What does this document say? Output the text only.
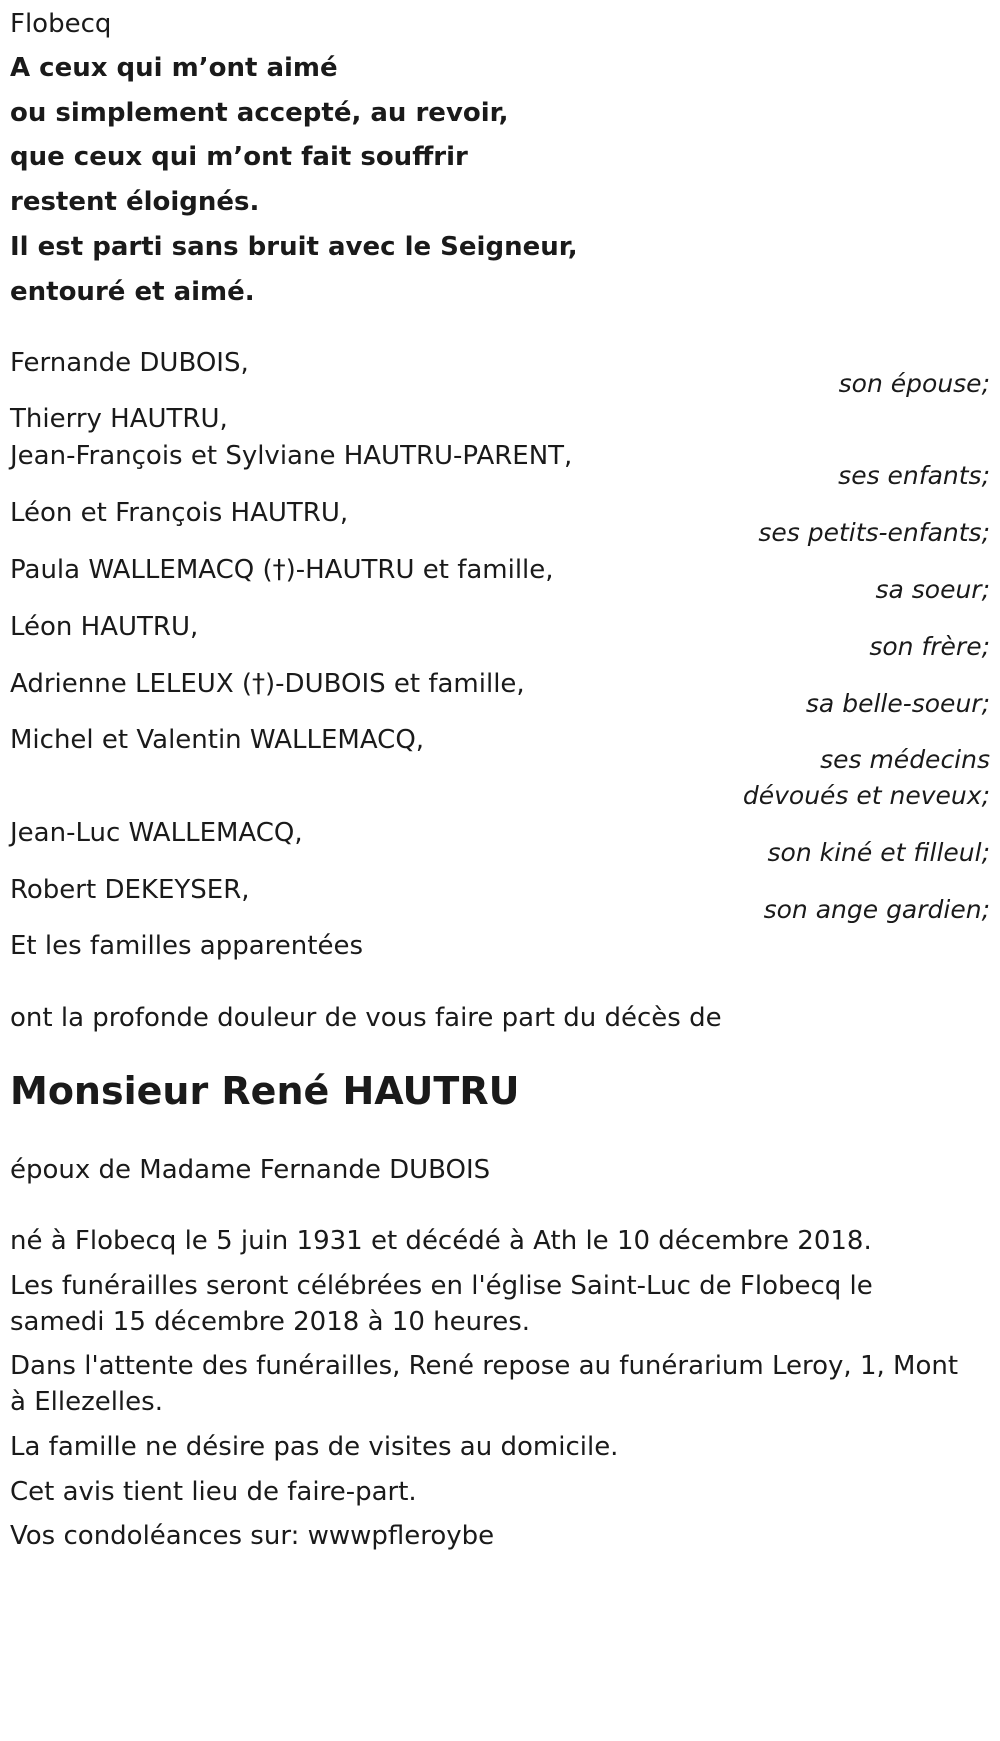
Flobecq
A ceux qui m’ont aimé
ou simplement accepté, au revoir,
que ceux qui m’ont fait souffrir
restent éloignés.
Il est parti sans bruit avec le Seigneur,
entouré et aimé.
Fernande DUBOIS,
son épouse;
Thierry HAUTRU,
Jean-François et Sylviane HAUTRU-PARENT,
ses enfants;
Léon et François HAUTRU,
ses petits-enfants;
Paula WALLEMACQ (†)-HAUTRU et famille,
sa soeur;
Léon HAUTRU,
son frère;
Adrienne LELEUX (†)-DUBOIS et famille,
sa belle-soeur;
Michel et Valentin WALLEMACQ,
ses médecins
dévoués et neveux;
Jean-Luc WALLEMACQ,
son kiné et filleul;
Robert DEKEYSER,
son ange gardien;
Et les familles apparentées
ont la profonde douleur de vous faire part du décès de
Monsieur René HAUTRU
époux de Madame Fernande DUBOIS
né à Flobecq le 5 juin 1931 et décédé à Ath le 10 décembre 2018.
Les funérailles seront célébrées en l'église Saint-Luc de Flobecq le
samedi 15 décembre 2018 à 10 heures.
Dans l'attente des funérailles, René repose au funérarium Leroy, 1, Mont
à Ellezelles.
La famille ne désire pas de visites au domicile.
Cet avis tient lieu de faire-part.
Vos condoléances sur: wwwpfleroybe
